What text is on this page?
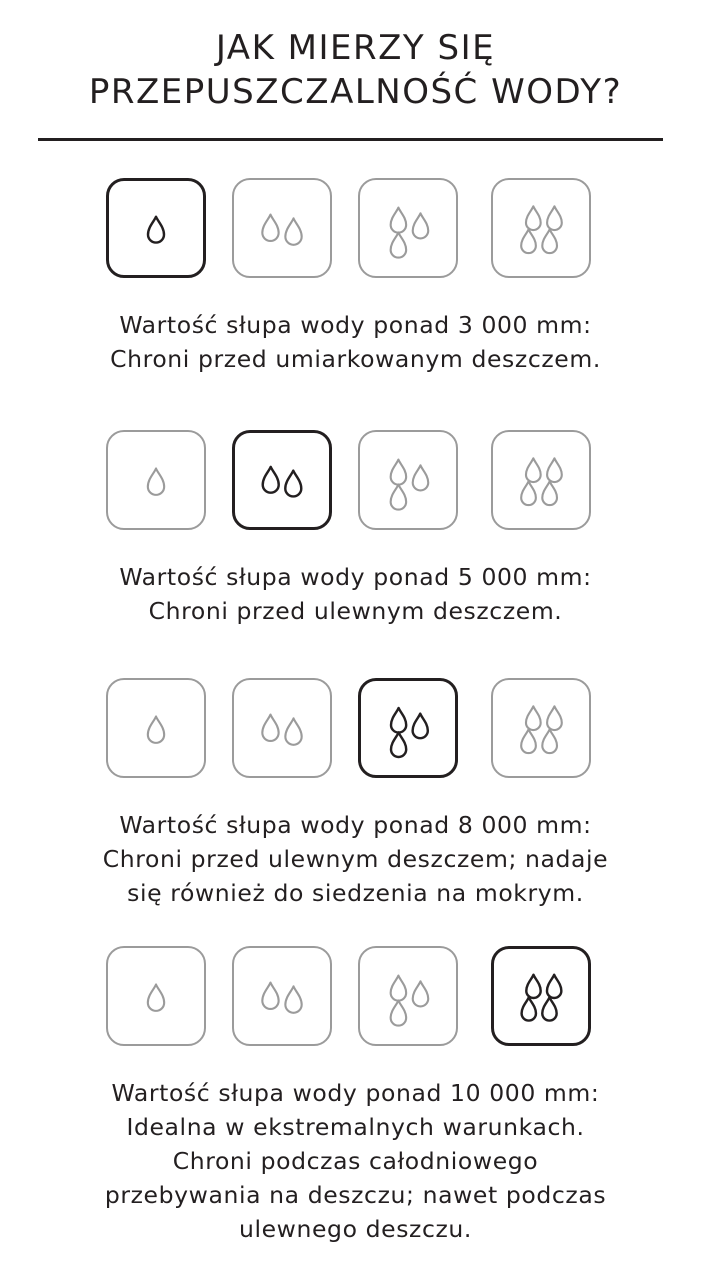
JAK MIERZY SIĘ
PRZEPUSZCZALNOŚĆ WODY?

Wartość słupa wody ponad 3 000 mm:
Chroni przed umiarkowanym deszczem.

Wartość słupa wody ponad 5 000 mm:
Chroni przed ulewnym deszczem.

Wartość słupa wody ponad 8 000 mm:
Chroni przed ulewnym deszczem; nadaje
się również do siedzenia na mokrym.

Wartość słupa wody ponad 10 000 mm:
Idealna w ekstremalnych warunkach.
Chroni podczas całodniowego
przebywania na deszczu; nawet podczas
ulewnego deszczu.
